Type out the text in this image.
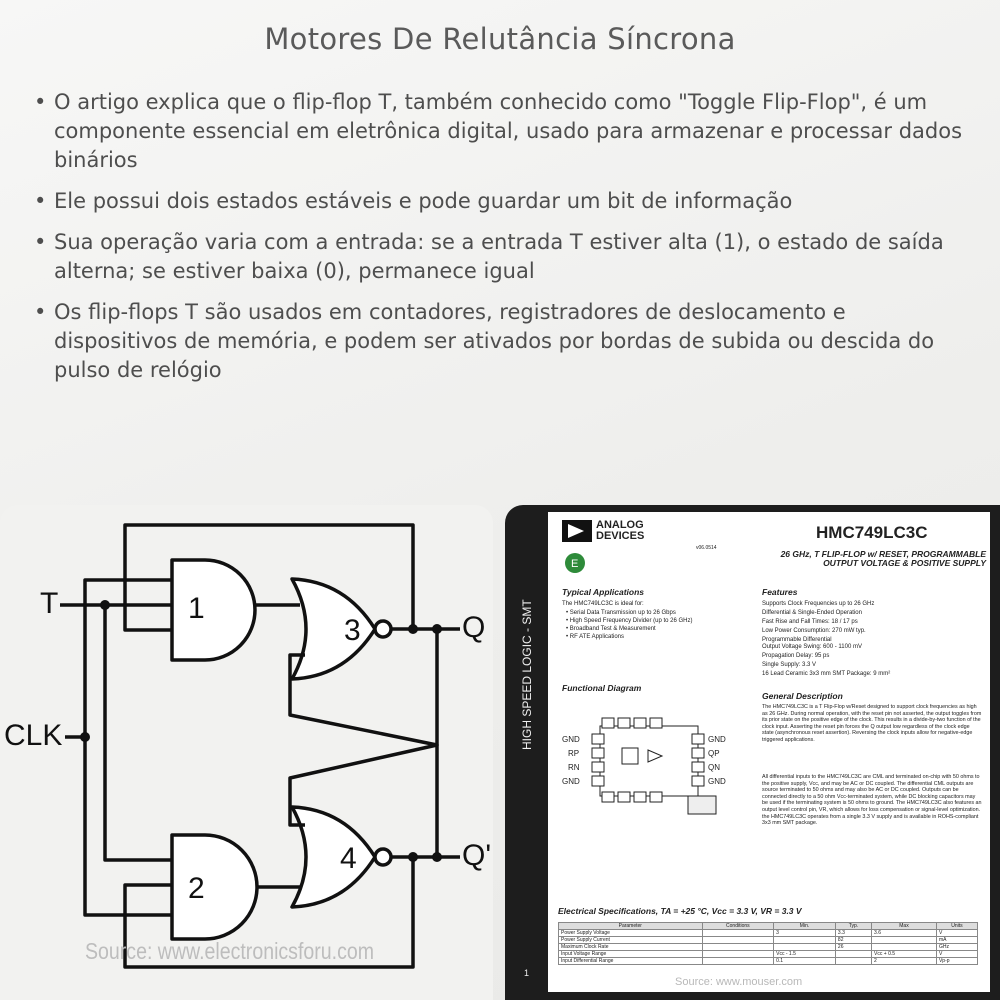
Motores De Relutância Síncrona
• O artigo explica que o flip-flop T, também conhecido como "Toggle Flip-Flop", é um componente essencial em eletrônica digital, usado para armazenar e processar dados binários
• Ele possui dois estados estáveis e pode guardar um bit de informação
• Sua operação varia com a entrada: se a entrada T estiver alta (1), o estado de saída alterna; se estiver baixa (0), permanece igual
• Os flip-flops T são usados em contadores, registradores de deslocamento e dispositivos de memória, e podem ser ativados por bordas de subida ou descida do pulso de relógio
T
CLK
Q
Q'
1
2
3
4
Source: www.electronicsforu.com
HIGH SPEED LOGIC - SMT
1
ANALOG DEVICES	HMC749LC3C
v06.0514
E
26 GHz, T FLIP-FLOP w/ RESET, PROGRAMMABLE
OUTPUT VOLTAGE & POSITIVE SUPPLY
Typical Applications
The HMC749LC3C is ideal for:
• Serial Data Transmission up to 26 Gbps
• High Speed Frequency Divider (up to 26 GHz)
• Broadband Test & Measurement
• RF ATE Applications
Features
Supports Clock Frequencies up to 26 GHz
Differential & Single-Ended Operation
Fast Rise and Fall Times: 18 / 17 ps
Low Power Consumption: 270 mW typ.
Programmable Differential
Output Voltage Swing: 600 - 1100 mV
Propagation Delay: 95 ps
Single Supply: 3.3 V
16 Lead Ceramic 3x3 mm SMT Package: 9 mm²
Functional Diagram
GND
RP
RN
GND
GND
QP
QN
GND
General Description
The HMC749LC3C is a T Flip-Flop w/Reset designed to support clock frequencies as high as 26 GHz. During normal operation, with the reset pin not asserted, the output toggles from its prior state on the positive edge of the clock. This results in a divide-by-two function of the clock input. Asserting the reset pin forces the Q output low regardless of the clock edge state (asynchronous reset assertion). Reversing the clock inputs allow for negative-edge triggered applications.
All differential inputs to the HMC749LC3C are CML and terminated on-chip with 50 ohms to the positive supply, Vcc, and may be AC or DC coupled. The differential CML outputs are source terminated to 50 ohms and may also be AC or DC coupled. Outputs can be connected directly to a 50 ohm Vcc-terminated system, while DC blocking capacitors may be used if the terminating system is 50 ohms to ground. The HMC749LC3C also features an output level control pin, VR, which allows for loss compensation or signal-level optimization. the HMC749LC3C operates from a single 3.3 V supply and is available in ROHS-compliant 3x3 mm SMT package.
Electrical Specifications, TA = +25 °C, Vcc = 3.3 V, VR = 3.3 V
Parameter	Conditions	Min.	Typ.	Max	Units
Power Supply Voltage		3	3.3	3.6	V
Power Supply Current			82		mA
Maximum Clock Rate			26		GHz
Input Voltage Range		Vcc - 1.5		Vcc + 0.5	V
Input Differential Range		0.1		2	Vp-p
Source: www.mouser.com
